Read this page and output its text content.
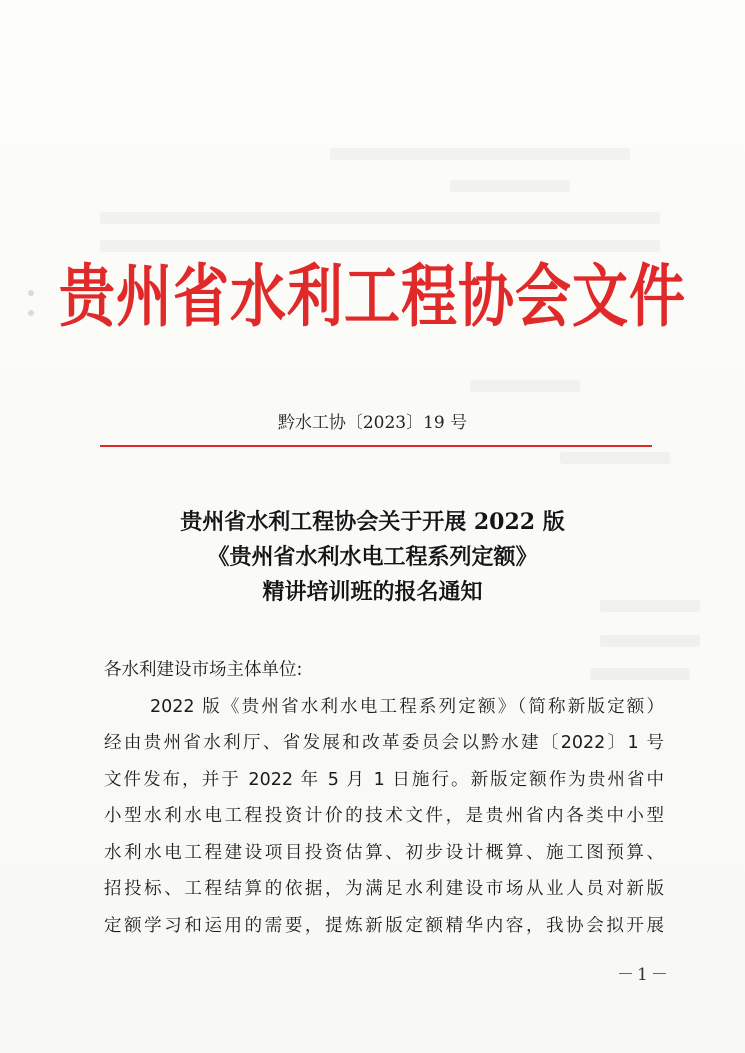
贵州省水利工程协会文件
黔水工协〔2023〕19 号
贵州省水利工程协会关于开展 2022 版
《贵州省水利水电工程系列定额》
精讲培训班的报名通知
各水利建设市场主体单位:
2022 版《贵州省水利水电工程系列定额》（简称新版定额）
经由贵州省水利厅、省发展和改革委员会以黔水建〔2022〕1 号
文件发布，并于 2022 年 5 月 1 日施行。新版定额作为贵州省中
小型水利水电工程投资计价的技术文件，是贵州省内各类中小型
水利水电工程建设项目投资估算、初步设计概算、施工图预算、
招投标、工程结算的依据，为满足水利建设市场从业人员对新版
定额学习和运用的需要，提炼新版定额精华内容，我协会拟开展
－1－
